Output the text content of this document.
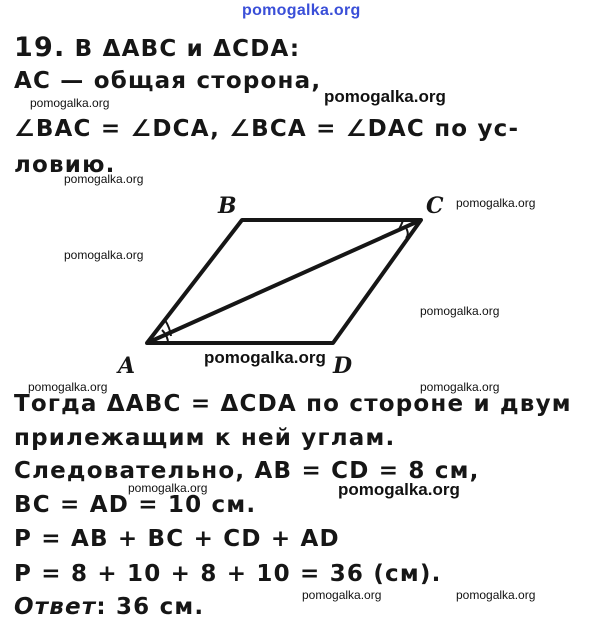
pomogalka.org
pomogalka.org	pomogalka.org
pomogalka.org
pomogalka.org
pomogalka.org
pomogalka.org
pomogalka.org
pomogalka.org	pomogalka.org
pomogalka.org	pomogalka.org
pomogalka.org	pomogalka.org
19. В ΔABC и ΔCDA:
AC — общая сторона,
∠BAC = ∠DCA, ∠BCA = ∠DAC по ус-
ловию.
B	C
A	D
Тогда ΔABC = ΔCDA по стороне и двум
прилежащим к ней углам.
Следовательно, AB = CD = 8 см,
BC = AD = 10 см.
P = AB + BC + CD + AD
P = 8 + 10 + 8 + 10 = 36 (см).
Ответ: 36 см.
